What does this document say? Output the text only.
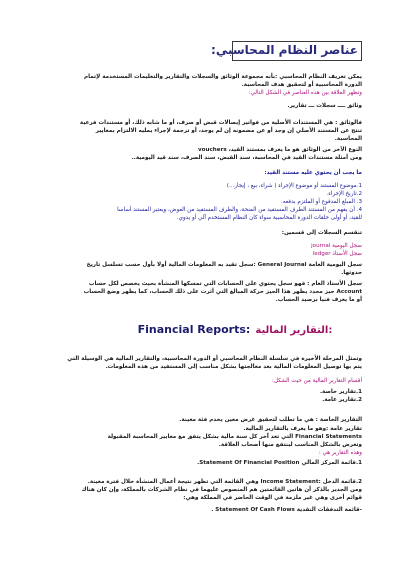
عناصر النظام المحاسبي:
Financial Reports: التقارير المالية:
يمكن تعريف النظام المحاسبي :بأنه مجموعة الوثائق والسجلات والتقارير والتعليمات المستخدمة لإتمام
الدورة المحاسبية أو لتحقيق هدف المحاسبة.
وتظهر العلاقة بين هذه العناصر في الشكل التالي:
وثائق ــــ سجلات ـــ تقارير.
فالوثائق : هي المستندات الأصلية من فواتير إيصالات قبض أو صرف، أو ما شابه ذلك، أو مستندات فرعية
تنتج عن المستند الأصلي إن وجد أو عن مضمونه إن لم يوجد، أو ترجمة لإجراء يمليه الالتزام بمعايير
المحاسبة.
النوع الآخر من الوثائق هو ما يعرف بمستند القيد، vouchers
ومن أمثلة مستندات القيد في المحاسبة، سند القبض، سند الصرف، سند قيد اليومية..
ما يجب أن يحتوي عليه مستند القيد:
1.موضوع المستند أو موضوع الإجراء ( شراء، بيع ، إيجار...)
2.تاريخ الإجراء.
3. المبلغ المدفوع أو الملتزم بدفعه.
4. أن يفهم من المستند الطرف المستفيد من المنحة، والطرف المستفيد من العوض، ويعتبر المستند أساسا
للقيد، أو أولى حلقات الدورة المحاسبية سواء كان النظام المستخدم آلي أو يدوي.
تنقسم السجلات إلى قسمين:
سجل اليومية journal
سجل الأستاذ ledger
سجل اليومية العامة General Journal :سجل تقيد به المعلومات المالية أولا بأول حسب تسلسل تاريخ
حدوثها.
سجل الأستاذ العام : فهو سجل يحتوي على الحسابات التي تمسكها المنشأة بحيث يخصص لكل حساب
Account حيز محدد يظهر هذا الحيز حركة المبالغ التي أثرت على ذلك الحساب، كما يظهر وضع الحساب
أو ما يعرف فنيا برصيد الحساب.
وتمثل المرحلة الأخيرة في سلسلة النظام المحاسبي أو الدورة المحاسبية، والتقارير المالية هي الوسيلة التي
يتم بها توصيل المعلومات المالية بعد معالجتها بشكل مناسب إلى المستفيد من هذه المعلومات.
أقسام التقارير المالية من حيث الشكل:
1.تقارير خاصة.
2.تقارير عامة.
التقارير الخاصة : هي ما تطلب لتحقيق غرض معين يخدم فئة معينة.
تقارير عامة :وهو ما يعرف بالتقارير المالية.
Financial Statements التي تعد آخر كل سنة مالية بشكل يتفق مع معايير المحاسبة المقبولة
وتعرض بالشكل المناسب لينتفع منها أصحاب العلاقة.
وهذه التقارير هي :
1.قائمة المركز المالي Statement Of Financial Position.
2.قائمة الدخل :Income Statement وهي القائمة التي تظهر نتيجة أعمال المنشأة خلال فترة معينة.
ومن الجدير بالذكر أن هاتين القائمتين هم المنصوص عليهما في نظام الشركات بالمملكة، وإن كان هناك
قوائم أخرى وهي غير ملزمة في الوقت الحاضر في المملكة وهي:
-قائمة التدفقات النقدية Statement Of Cash Flows .
